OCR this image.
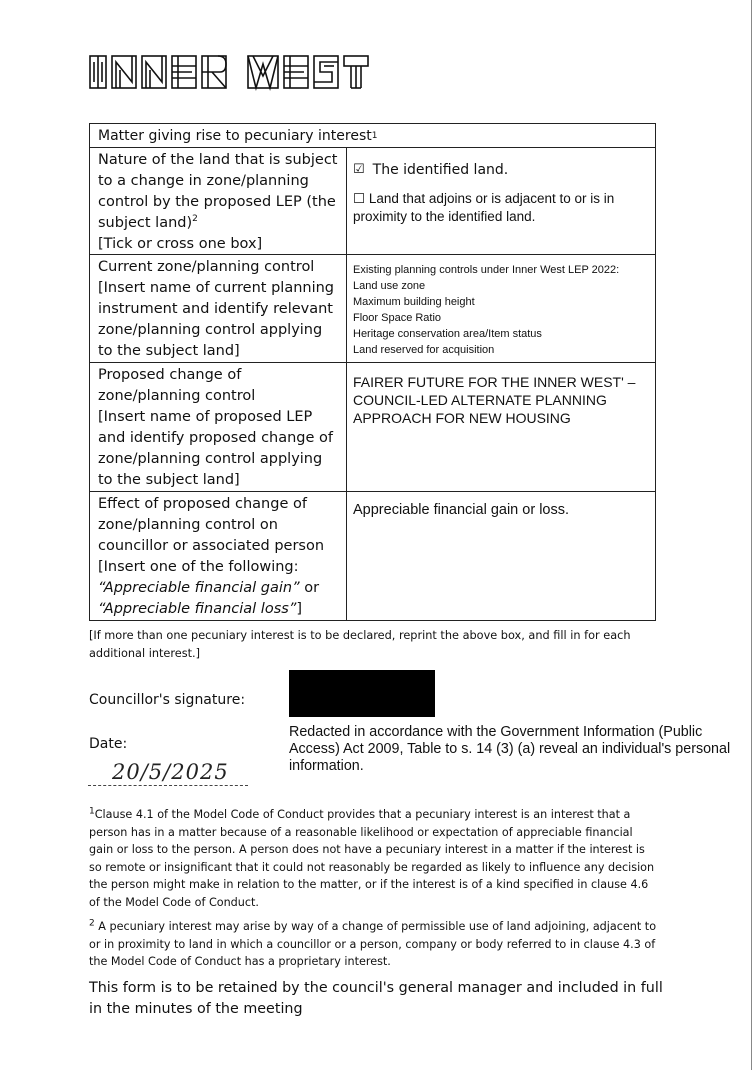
Matter giving rise to pecuniary interest 1
Nature of the land that is subject to a change in zone/planning control by the proposed LEP (the subject land)$^2$
[Tick or cross one box]
☑ The identified land.
☐ Land that adjoins or is adjacent to or is in proximity to the identified land.
Current zone/planning control
[Insert name of current planning instrument and identify relevant zone/planning control applying to the subject land]
Existing planning controls under Inner West LEP 2022:
Land use zone
Maximum building height
Floor Space Ratio
Heritage conservation area/Item status
Land reserved for acquisition
Proposed change of zone/planning control
[Insert name of proposed LEP and identify proposed change of zone/planning control applying to the subject land]
FAIRER FUTURE FOR THE INNER WEST' – COUNCIL-LED ALTERNATE PLANNING APPROACH FOR NEW HOUSING
Effect of proposed change of zone/planning control on councillor or associated person
[Insert one of the following:
“Appreciable financial gain” or
“Appreciable financial loss”]
Appreciable financial gain or loss.
[If more than one pecuniary interest is to be declared, reprint the above box, and fill in for each additional interest.]
Councillor's signature:
Date:
Redacted in accordance with the Government Information (Public Access) Act 2009, Table to s. 14 (3) (a) reveal an individual's personal information.
20/5/2025
$^1$Clause 4.1 of the Model Code of Conduct provides that a pecuniary interest is an interest that a person has in a matter because of a reasonable likelihood or expectation of appreciable financial gain or loss to the person. A person does not have a pecuniary interest in a matter if the interest is so remote or insignificant that it could not reasonably be regarded as likely to influence any decision the person might make in relation to the matter, or if the interest is of a kind specified in clause 4.6 of the Model Code of Conduct.
$^2$ A pecuniary interest may arise by way of a change of permissible use of land adjoining, adjacent to or in proximity to land in which a councillor or a person, company or body referred to in clause 4.3 of the Model Code of Conduct has a proprietary interest.
This form is to be retained by the council's general manager and included in full in the minutes of the meeting
